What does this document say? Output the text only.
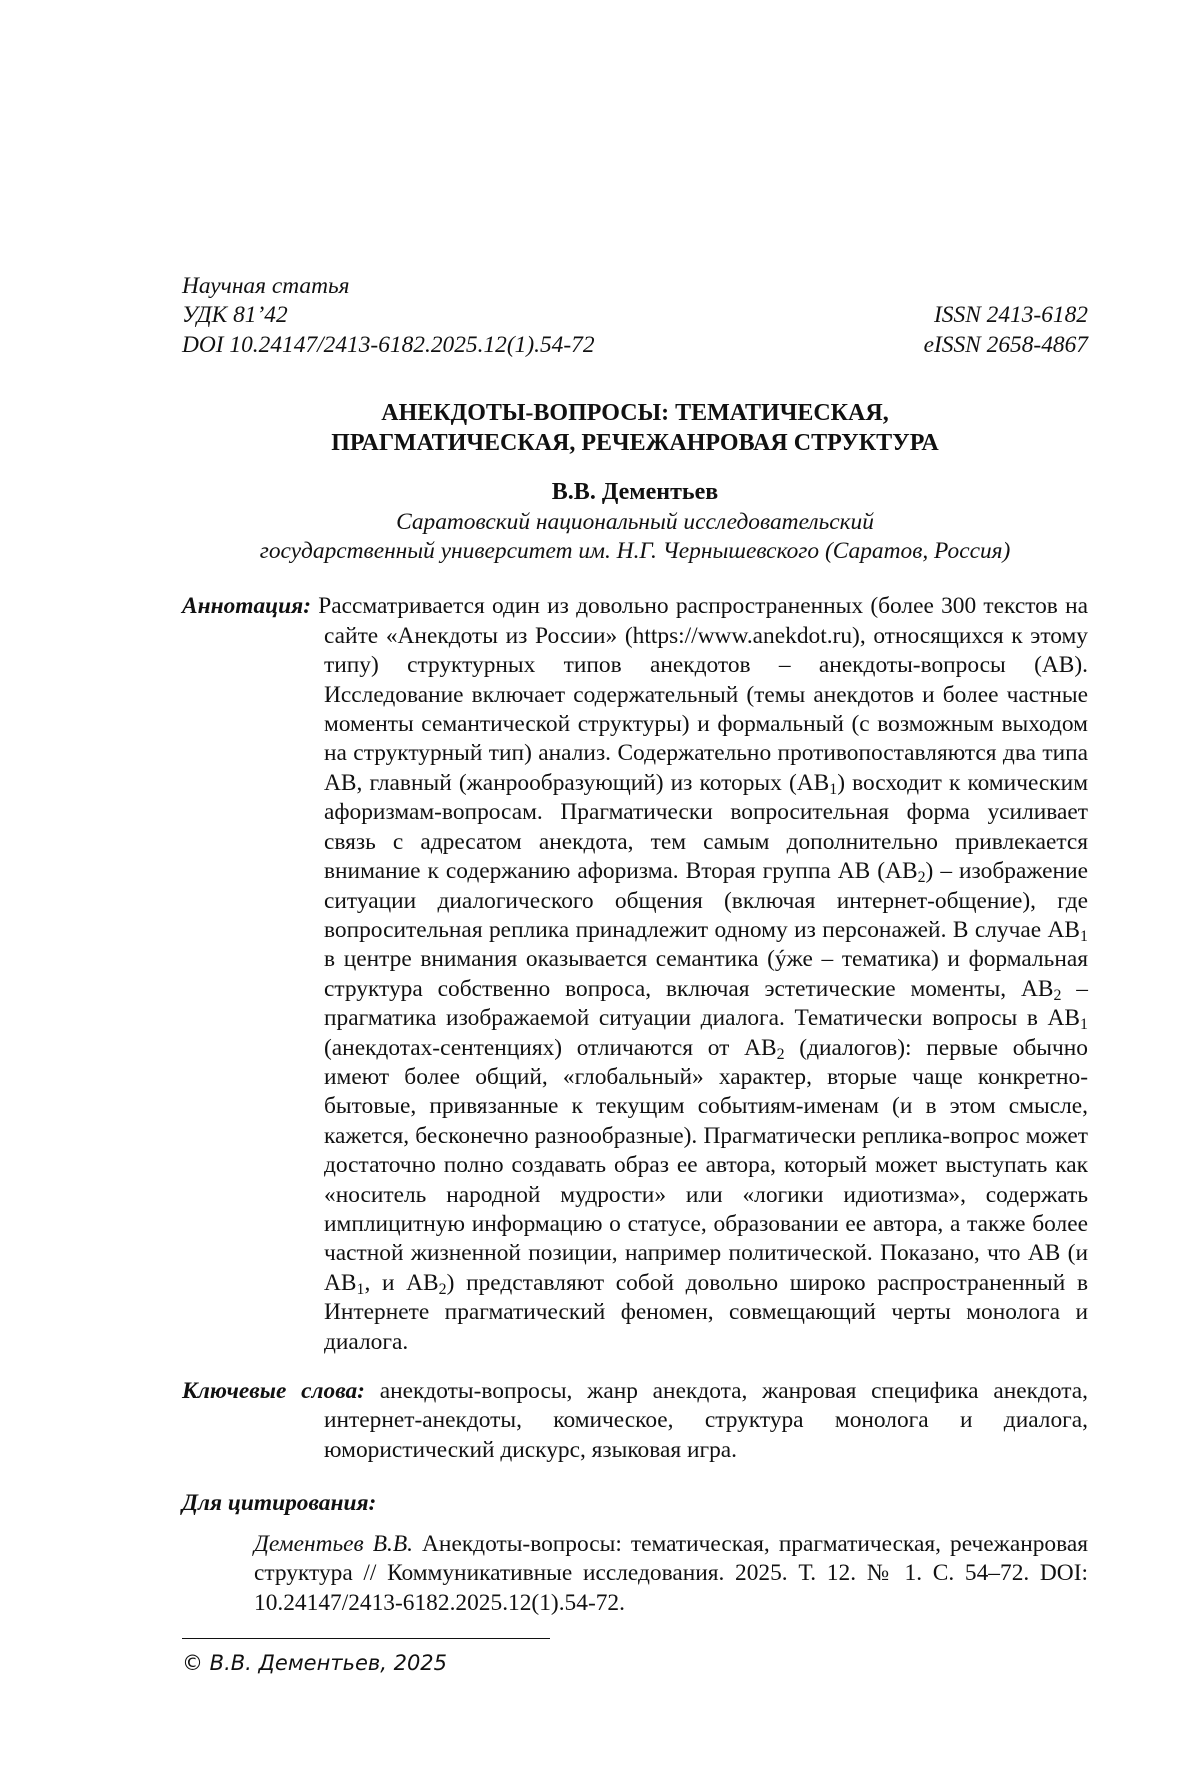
Научная статья
УДК 81’42	ISSN 2413-6182
DOI 10.24147/2413-6182.2025.12(1).54-72	eISSN 2658-4867
АНЕКДОТЫ-ВОПРОСЫ: ТЕМАТИЧЕСКАЯ,
ПРАГМАТИЧЕСКАЯ, РЕЧЕЖАНРОВАЯ СТРУКТУРА
В.В. Дементьев
Саратовский национальный исследовательский
государственный университет им. Н.Г. Чернышевского (Саратов, Россия)

Аннотация: Рассматривается один из довольно распространенных (более 300 текстов на сайте «Анекдоты из России» (https://www.anekdot.ru), относящихся к этому типу) структурных типов анекдотов – анекдоты-вопросы (АВ). Исследование включает содержательный (темы анекдотов и более частные моменты семантической структуры) и формальный (с возможным выходом на структурный тип) анализ. Содержательно противопоставляются два типа АВ, главный (жанрообразующий) из которых $(АВ_1)$ восходит к комическим афоризмам-вопросам. Прагматически вопросительная форма усиливает связь с адресатом анекдота, тем самым дополнительно привлекается внимание к содержанию афоризма. Вторая группа АВ $(АВ_2)$ – изображение ситуации диалогического общения (включая интернет-общение), где вопросительная реплика принадлежит одному из персонажей. В случае $АВ_1$ в центре внимания оказывается семантика (ýже – тематика) и формальная структура собственно вопроса, включая эстетические моменты, $АВ_2$ – прагматика изображаемой ситуации диалога. Тематически вопросы в $АВ_1$ (анекдотах-сентенциях) отличаются от $АВ_2$ (диалогов): первые обычно имеют более общий, «глобальный» характер, вторые чаще конкретно-бытовые, привязанные к текущим событиям-именам (и в этом смысле, кажется, бесконечно разнообразные). Прагматически реплика-вопрос может достаточно полно создавать образ ее автора, который может выступать как «носитель народной мудрости» или «логики идиотизма», содержать имплицитную информацию о статусе, образовании ее автора, а также более частной жизненной позиции, например политической. Показано, что АВ (и $АВ_1$, и $АВ_2$) представляют собой довольно широко распространенный в Интернете прагматический феномен, совмещающий черты монолога и диалога.

Ключевые слова: анекдоты-вопросы, жанр анекдота, жанровая специфика анекдота, интернет-анекдоты, комическое, структура монолога и диалога, юмористический дискурс, языковая игра.

Для цитирования:
Дементьев В.В. Анекдоты-вопросы: тематическая, прагматическая, речежанровая структура // Коммуникативные исследования. 2025. Т. 12. № 1. С. 54–72. DOI: 10.24147/2413-6182.2025.12(1).54-72.
© В.В. Дементьев, 2025
